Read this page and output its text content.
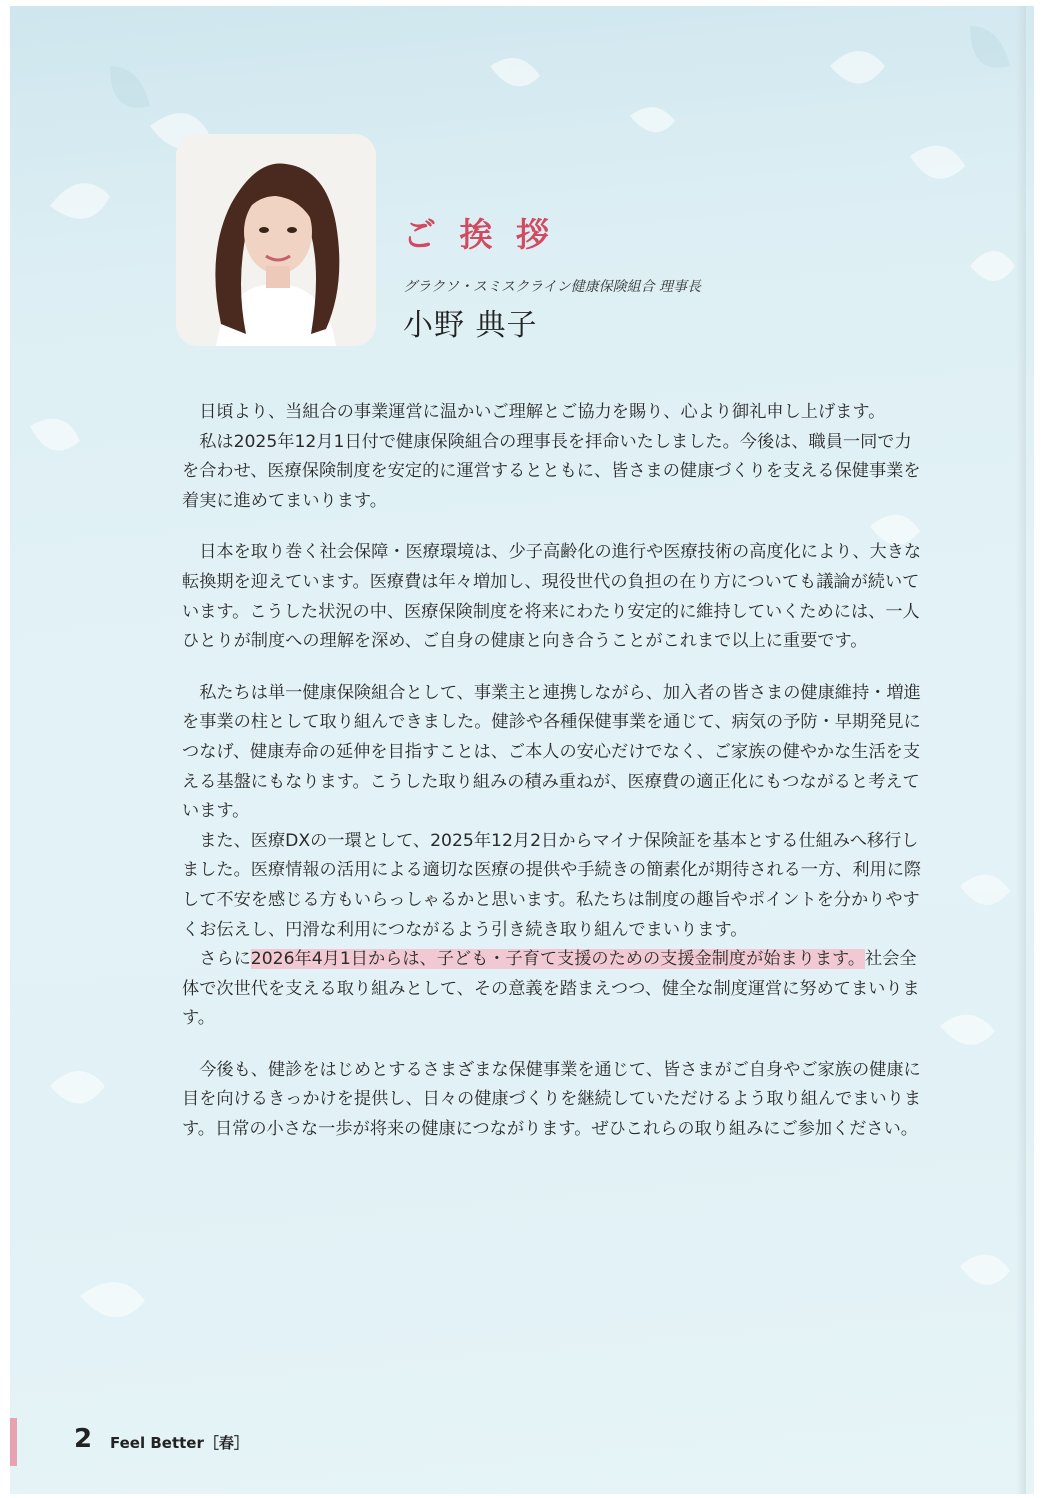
ご 挨 拶

グラクソ・スミスクライン健康保険組合 理事長

小野 典子

日頃より、当組合の事業運営に温かいご理解とご協力を賜り、心より御礼申し上げます。

私は2025年12月1日付で健康保険組合の理事長を拝命いたしました。今後は、職員一同で力を合わせ、医療保険制度を安定的に運営するとともに、皆さまの健康づくりを支える保健事業を着実に進めてまいります。

日本を取り巻く社会保障・医療環境は、少子高齢化の進行や医療技術の高度化により、大きな転換期を迎えています。医療費は年々増加し、現役世代の負担の在り方についても議論が続いています。こうした状況の中、医療保険制度を将来にわたり安定的に維持していくためには、一人ひとりが制度への理解を深め、ご自身の健康と向き合うことがこれまで以上に重要です。

私たちは単一健康保険組合として、事業主と連携しながら、加入者の皆さまの健康維持・増進を事業の柱として取り組んできました。健診や各種保健事業を通じて、病気の予防・早期発見につなげ、健康寿命の延伸を目指すことは、ご本人の安心だけでなく、ご家族の健やかな生活を支える基盤にもなります。こうした取り組みの積み重ねが、医療費の適正化にもつながると考えています。

また、医療DXの一環として、2025年12月2日からマイナ保険証を基本とする仕組みへ移行しました。医療情報の活用による適切な医療の提供や手続きの簡素化が期待される一方、利用に際して不安を感じる方もいらっしゃるかと思います。私たちは制度の趣旨やポイントを分かりやすくお伝えし、円滑な利用につながるよう引き続き取り組んでまいります。

さらに2026年4月1日からは、子ども・子育て支援のための支援金制度が始まります。社会全体で次世代を支える取り組みとして、その意義を踏まえつつ、健全な制度運営に努めてまいります。

今後も、健診をはじめとするさまざまな保健事業を通じて、皆さまがご自身やご家族の健康に目を向けるきっかけを提供し、日々の健康づくりを継続していただけるよう取り組んでまいります。日常の小さな一歩が将来の健康につながります。ぜひこれらの取り組みにご参加ください。

2 Feel Better［春］
